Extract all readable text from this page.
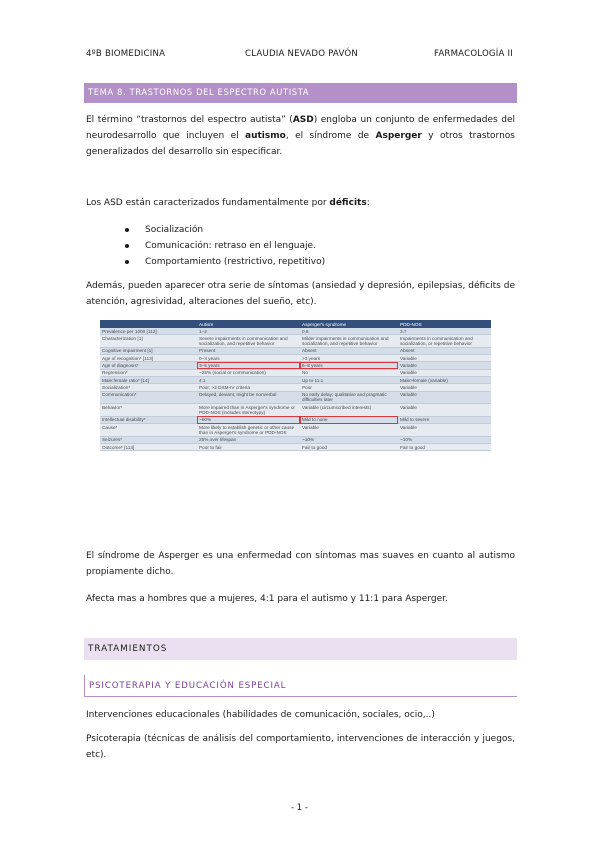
4ºB BIOMEDICINA	CLAUDIA NEVADO PAVÓN	FARMACOLOGÍA II
TEMA 8. TRASTORNOS DEL ESPECTRO AUTISTA

El término “trastornos del espectro autista” (ASD) engloba un conjunto de enfermedades del neurodesarrollo que incluyen el autismo, el síndrome de Asperger y otros trastornos generalizados del desarrollo sin especificar.

Los ASD están caracterizados fundamentalmente por déficits:

Socialización
Comunicación: retraso en el lenguaje.
Comportamiento (restrictivo, repetitivo)

Además, pueden aparecer otra serie de síntomas (ansiedad y depresión, epilepsias, déficits de atención, agresividad, alteraciones del sueño, etc).

	Autism	Asperger's syndrome	PDD-NOS
Prevalence per 1000 [112]	1–2	0.6	3.7
Characterization [1]	Severe impairments in communication and socialization, and repetitive behavior	Milder impairments in communication and socialization, and repetitive behavior	Impairments in communication and socialization, or repetitive behavior
Cognitive impairment [1]	Present	Absent	Absent
Age of recognition* [113]	0–3 years	>3 years	Variable
Age of diagnosis*	3–5 years	6–8 years	Variable
Regression*	~25% (social or communication)	No	Variable
Male:female ratio* [14]	4:1	Up to 11:1	Male>female (variable)
Socialization*	Poor; >2 DSM-IV criteria	Poor	Variable
Communication*	Delayed, deviant; might be nonverbal	No early delay; qualitative and pragmatic difficulties later	Variable
Behavior*	More impaired than in Asperger's syndrome or PDD-NOS (includes stereotypy)	Variable (circumscribed interests)	Variable
Intellectual disability*	~60%	Mild to none	Mild to severe
Cause*	More likely to establish genetic or other cause than in Asperger's syndrome or PDD-NOS	Variable	Variable
Seizures*	25% over lifespan	~10%	~10%
Outcome* [113]	Poor to fair	Fair to good	Fair to good

El síndrome de Asperger es una enfermedad con síntomas mas suaves en cuanto al autismo propiamente dicho.

Afecta mas a hombres que a mujeres, 4:1 para el autismo y 11:1 para Asperger.

TRATAMIENTOS
PSICOTERAPIA Y EDUCACIÓN ESPECIAL

Intervenciones educacionales (habilidades de comunicación, sociales, ocio,..)

Psicoterapia (técnicas de análisis del comportamiento, intervenciones de interacción y juegos, etc).

- 1 -
